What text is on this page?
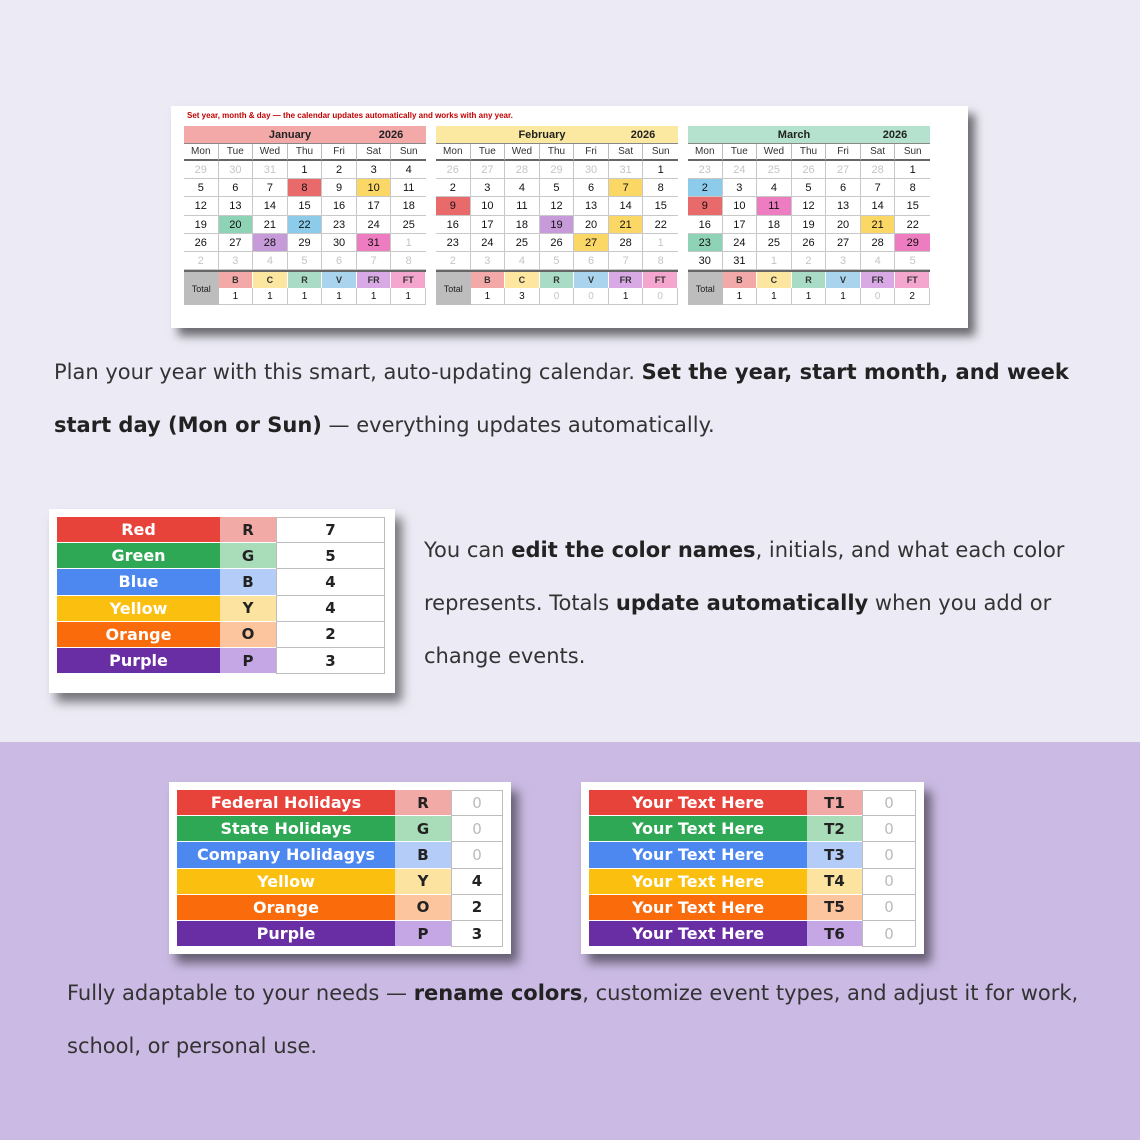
Set year, month & day — the calendar updates automatically and works with any year.
January	2026
Mon	Tue	Wed	Thu	Fri	Sat	Sun
29	30	31	1	2	3	4
5	6	7	8	9	10	11
12	13	14	15	16	17	18
19	20	21	22	23	24	25
26	27	28	29	30	31	1
2	3	4	5	6	7	8
Total
B	C	R	V	FR	FT
1	1	1	1	1	1
February	2026
Mon	Tue	Wed	Thu	Fri	Sat	Sun
26	27	28	29	30	31	1
2	3	4	5	6	7	8
9	10	11	12	13	14	15
16	17	18	19	20	21	22
23	24	25	26	27	28	1
2	3	4	5	6	7	8
Total
B	C	R	V	FR	FT
1	3	0	0	1	0
March	2026
Mon	Tue	Wed	Thu	Fri	Sat	Sun
23	24	25	26	27	28	1
2	3	4	5	6	7	8
9	10	11	12	13	14	15
16	17	18	19	20	21	22
23	24	25	26	27	28	29
30	31	1	2	3	4	5
Total
B	C	R	V	FR	FT
1	1	1	1	0	2
Plan your year with this smart, auto-updating calendar. Set the year, start month, and week start day (Mon or Sun) — everything updates automatically.
Red	R	7
Green	G	5
Blue	B	4
Yellow	Y	4
Orange	O	2
Purple	P	3
You can edit the color names, initials, and what each color represents. Totals update automatically when you add or change events.
Federal Holidays	R	0
State Holidays	G	0
Company Holidagys	B	0
Yellow	Y	4
Orange	O	2
Purple	P	3
Your Text Here	T1	0
Your Text Here	T2	0
Your Text Here	T3	0
Your Text Here	T4	0
Your Text Here	T5	0
Your Text Here	T6	0
Fully adaptable to your needs — rename colors, customize event types, and adjust it for work, school, or personal use.
